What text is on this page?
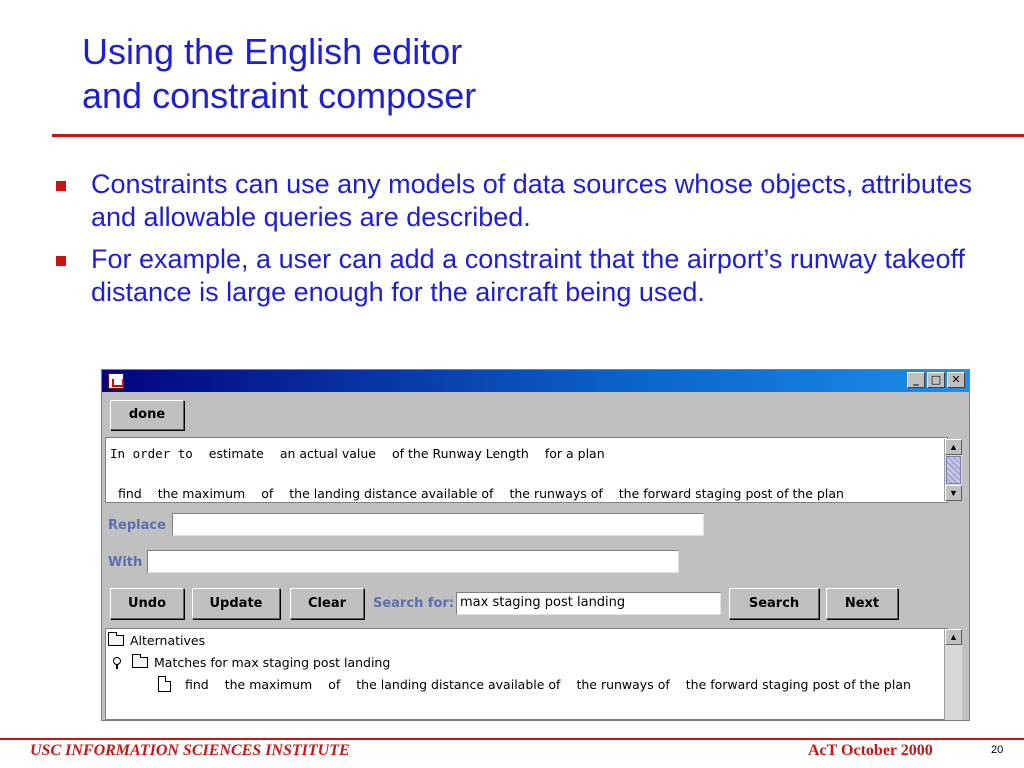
Using the English editor
and constraint composer
Constraints can use any models of data sources whose objects, attributes and allowable queries are described.
For example, a user can add a constraint that the airport’s runway takeoff distance is large enough for the aircraft being used.
_	□ ✕
done
In order to estimate an actual value of the Runway Length for a plan
find the maximum of the landing distance available of the runways of the forward staging post of the plan
▲
▼
Replace
With
Undo	Update	Clear	Search for: max staging post landing	Search	Next
Alternatives
Matches for max staging post landing
find the maximum of the landing distance available of the runways of the forward staging post of the plan
▲
USC INFORMATION SCIENCES INSTITUTE	AcT October 2000	20
